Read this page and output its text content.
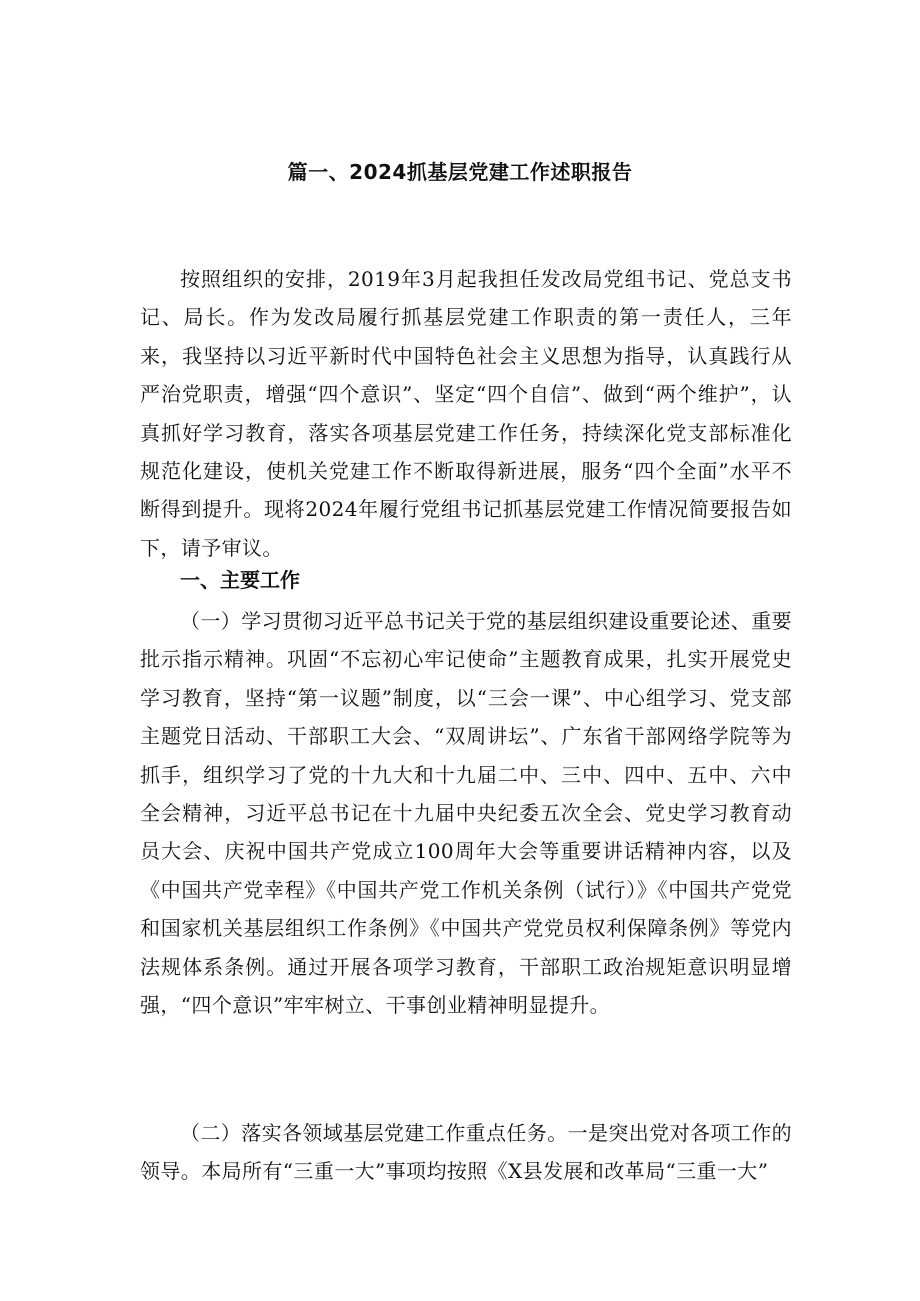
篇一、2024抓基层党建工作述职报告

按照组织的安排，2019年3月起我担任发改局党组书记、党总支书记、局长。作为发改局履行抓基层党建工作职责的第一责任人，三年来，我坚持以习近平新时代中国特色社会主义思想为指导，认真践行从严治党职责，增强“四个意识”、坚定“四个自信”、做到“两个维护”，认真抓好学习教育，落实各项基层党建工作任务，持续深化党支部标准化规范化建设，使机关党建工作不断取得新进展，服务“四个全面”水平不断得到提升。现将2024年履行党组书记抓基层党建工作情况简要报告如下，请予审议。

一、主要工作

（一）学习贯彻习近平总书记关于党的基层组织建设重要论述、重要批示指示精神。巩固“不忘初心牢记使命”主题教育成果，扎实开展党史学习教育，坚持“第一议题”制度，以“三会一课”、中心组学习、党支部主题党日活动、干部职工大会、“双周讲坛”、广东省干部网络学院等为抓手，组织学习了党的十九大和十九届二中、三中、四中、五中、六中全会精神，习近平总书记在十九届中央纪委五次全会、党史学习教育动员大会、庆祝中国共产党成立100周年大会等重要讲话精神内容，以及《中国共产党幸程》《中国共产党工作机关条例（试行）》《中国共产党党和国家机关基层组织工作条例》《中国共产党党员权利保障条例》等党内法规体系条例。通过开展各项学习教育，干部职工政治规矩意识明显增强，“四个意识”牢牢树立、干事创业精神明显提升。

（二）落实各领域基层党建工作重点任务。一是突出党对各项工作的领导。本局所有“三重一大”事项均按照《X县发展和改革局“三重一大”
